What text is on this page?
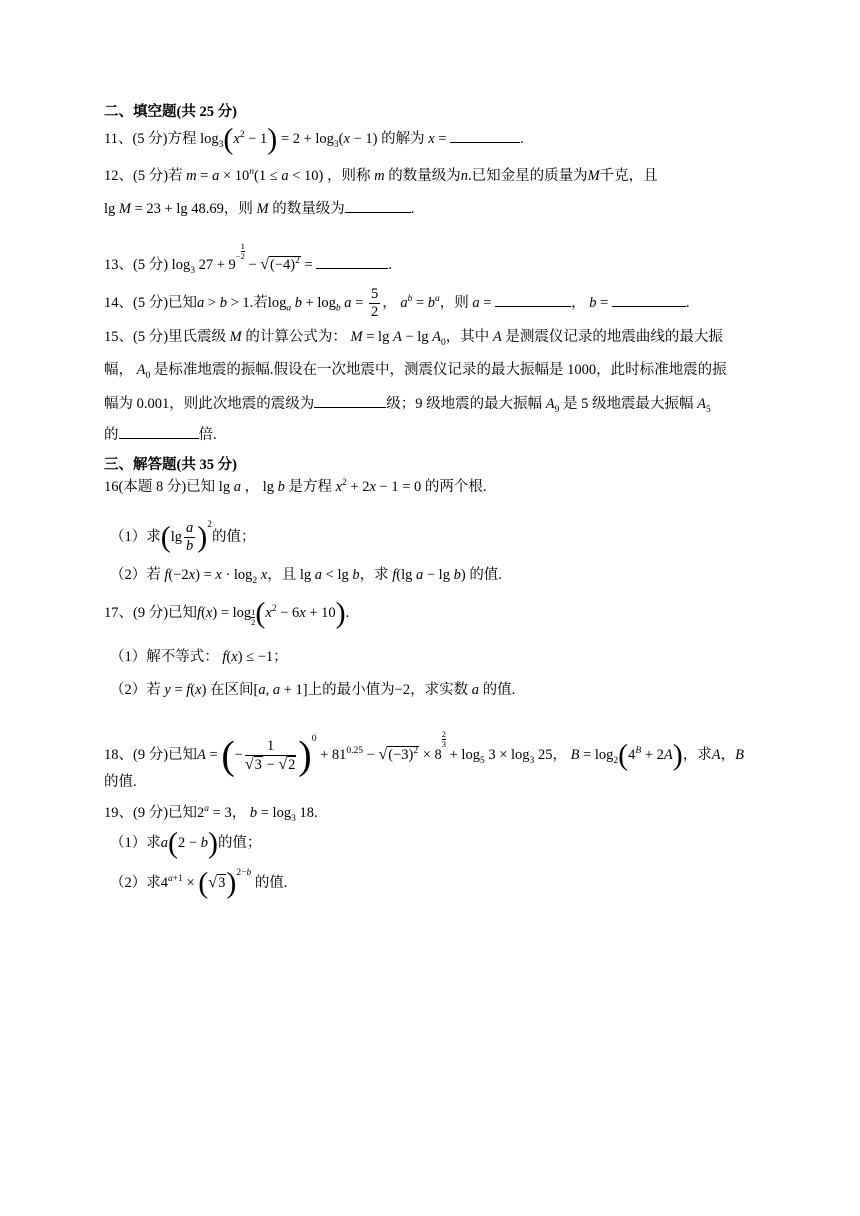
二、填空题(共 25 分)
11、(5 分)方程 $\log_3(x^2 - 1) = 2 + \log_3(x - 1)$ 的解为 x =	.
12、(5 分)若 $m = a \times 10^n(1 \le a < 10)$ ，则称 m 的数量级为n.已知金星的质量为M千克，且
lg M = 23 + lg 48.69，则 M 的数量级为	.
13、(5 分) $\log_3 27 + 9- \frac{1}{2} - √(-4)^2$ =	.
14、(5 分)已知a > b > 1.若$\log_a b + \log_b a = \frac{5}{2}$ ， $a^b = b^a$，则 a =	， b =	.
15、(5 分)里氏震级 M 的计算公式为： $M = \lg A - \lg A_0$，其中 A 是测震仪记录的地震曲线的最大振
幅， $A_0$ 是标准地震的振幅.假设在一次地震中，测震仪记录的最大振幅是 1000，此时标准地震的振
幅为 0.001，则此次地震的震级为	级；9 级地震的最大振幅 $A_9$ 是 5 级地震最大振幅 $A_5$
的	倍.
三、解答题(共 35 分)
16(本题 8 分)已知 lg a ， lg b 是方程 $x^2 + 2x - 1 = 0$ 的两个根.
（1）求$(\lg \frac{a}{b} )^2$的值；
（2）若 $f(-2x) = x \cdot \log_2 x$，且 lg a < lg b，求 f(lg a − lg b) 的值.
17、(9 分)已知$f(x) = \log \frac{1}{2}(x^2 - 6x + 10)$.
（1）解不等式： f(x) ≤ −1；
（2）若 y = f(x) 在区间[a, a + 1]上的最小值为−2，求实数 a 的值.
18、(9 分)已知A = (− $\frac{1}{√3 - √2} )^0 + 81^{0.25} - √(-3)^2 \times 8$
$\frac{2}{3} + \log_5 3 \times \log_3 25$， $B = \log_2(4^B + 2A)$，求A，B
的值.
19、(9 分)已知$2^a = 3$， $b = \log_3 18$.
（1）求a(2 − b)的值；
（2）求$4^{a+1} \times (√3)^{2-b}$ 的值.
